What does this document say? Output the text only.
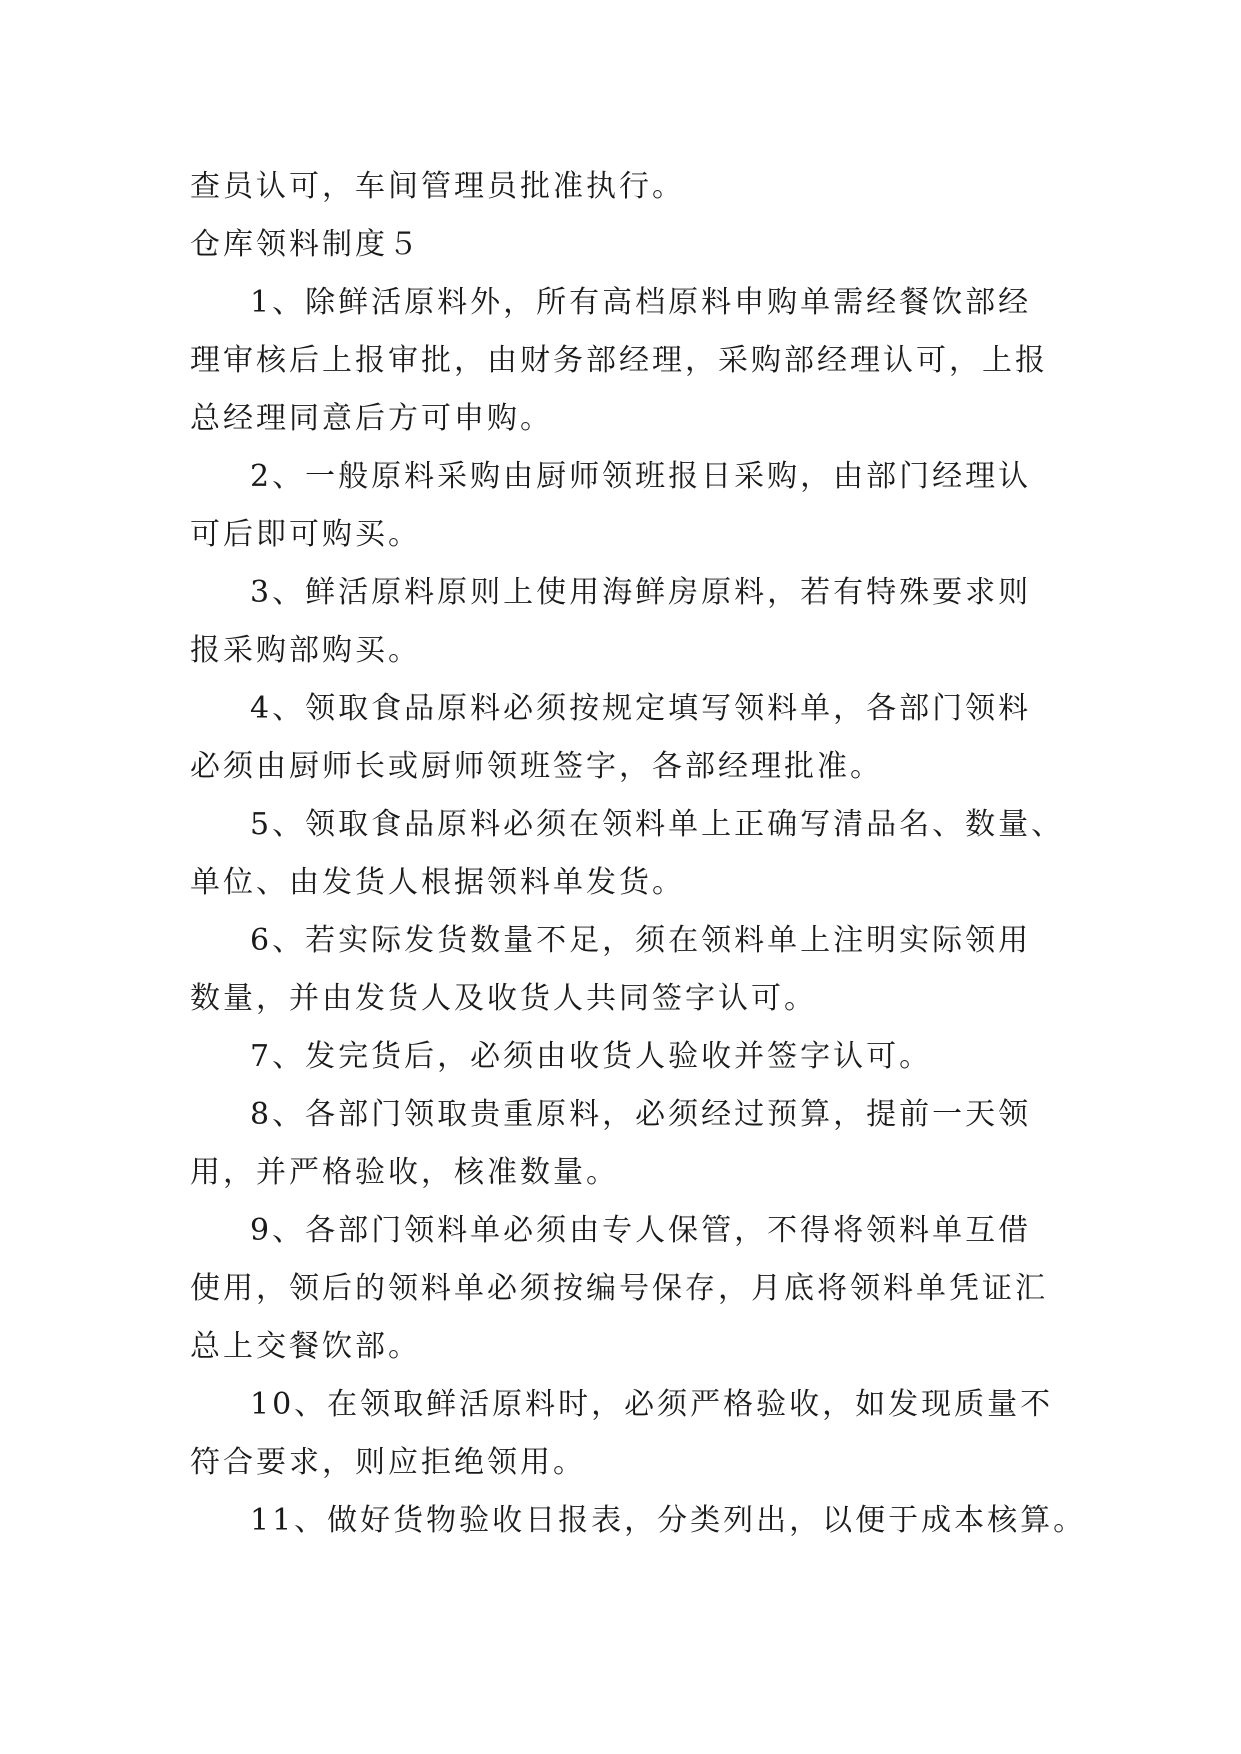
查员认可，车间管理员批准执行。
仓库领料制度５
1、除鲜活原料外，所有高档原料申购单需经餐饮部经
理审核后上报审批，由财务部经理，采购部经理认可，上报
总经理同意后方可申购。
2、一般原料采购由厨师领班报日采购，由部门经理认
可后即可购买。
3、鲜活原料原则上使用海鲜房原料，若有特殊要求则
报采购部购买。
4、领取食品原料必须按规定填写领料单，各部门领料
必须由厨师长或厨师领班签字，各部经理批准。
5、领取食品原料必须在领料单上正确写清品名、数量、
单位、由发货人根据领料单发货。
6、若实际发货数量不足，须在领料单上注明实际领用
数量，并由发货人及收货人共同签字认可。
7、发完货后，必须由收货人验收并签字认可。
8、各部门领取贵重原料，必须经过预算，提前一天领
用，并严格验收，核准数量。
9、各部门领料单必须由专人保管，不得将领料单互借
使用，领后的领料单必须按编号保存，月底将领料单凭证汇
总上交餐饮部。
10、在领取鲜活原料时，必须严格验收，如发现质量不
符合要求，则应拒绝领用。
11、做好货物验收日报表，分类列出，以便于成本核算。
